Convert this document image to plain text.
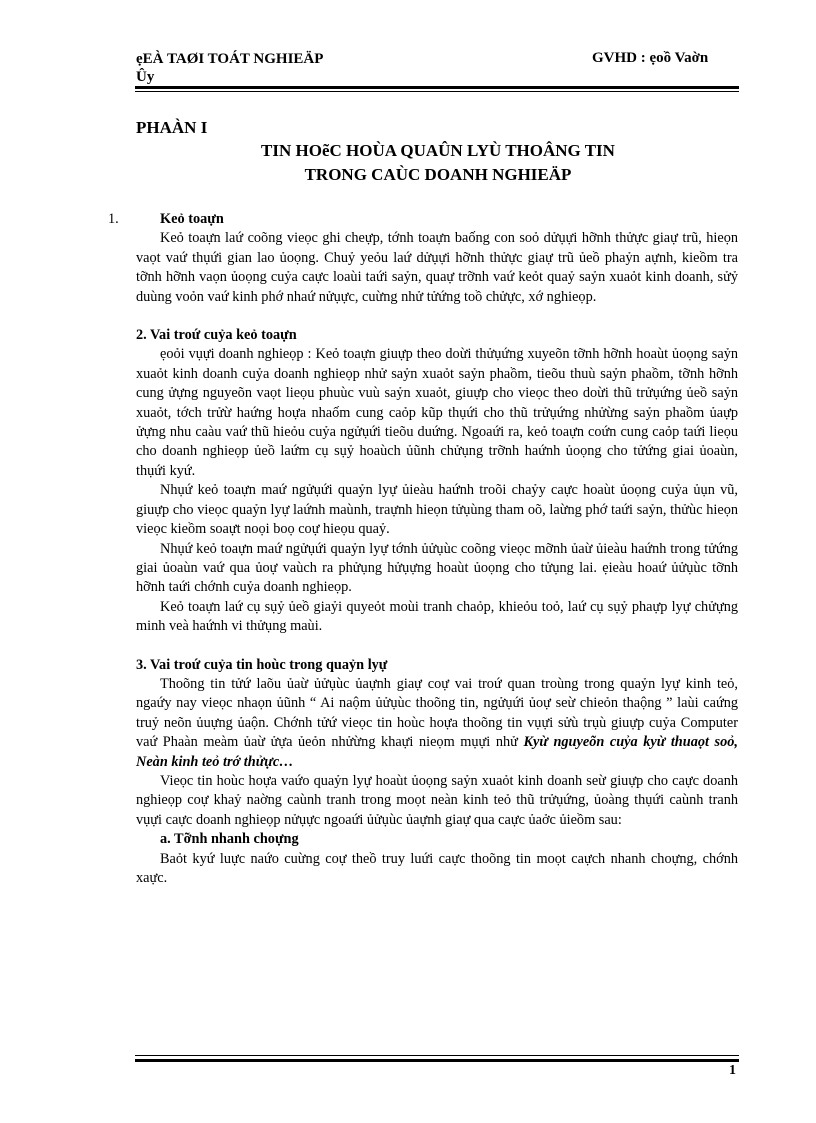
ẹEÀ TAØI TOÁT NGHIEÄP
Ûy
GVHD : ẹoồ Vaờn
PHAÀN I
TIN HOẽC HOÙA QUAÛN LYÙ THOÂNG TIN
TRONG CAÙC DOANH NGHIEÄP
1.	Keỏ toaựn

Keỏ toaựn laứ coõng vieọc ghi cheựp, tớnh toaựn baống con soỏ dửụựi hỡnh thửực giaự trũ, hieọn vaọt vaứ thụứi gian lao ủoọng. Chuỷ yeỏu laứ dửụựi hỡnh thửực giaự trũ ủeồ phaỷn aựnh, kieồm tra tỡnh hỡnh vaọn ủoọng cuỷa caực loaùi taứi saỷn, quaự trỡnh vaứ keỏt quaỷ saỷn xuaỏt kinh doanh, sửỷ duùng voỏn vaứ kinh phớ nhaứ nửụực, cuừng nhử tửứng toồ chửực, xớ nghieọp.

2. Vai troứ cuỷa keỏ toaựn

ẹoỏi vụựi doanh nghieọp : Keỏ toaựn giuựp theo doừi thửụứng xuyeõn tỡnh hỡnh hoaùt ủoọng saỷn xuaỏt kinh doanh cuỷa doanh nghieọp nhử saỷn xuaỏt saỷn phaồm, tieõu thuù saỷn phaồm, tỡnh hỡnh cung ửựng nguyeõn vaọt lieọu phuùc vuù saỷn xuaỏt, giuựp cho vieọc theo doừi thũ trửụứng ủeồ saỷn xuaỏt, tớch trửừ haứng hoựa nhaốm cung caỏp kũp thụứi cho thũ trửụứng nhửừng saỷn phaồm ủaựp ửựng nhu caàu vaứ thũ hieỏu cuỷa ngửụứi tieõu duứng. Ngoaứi ra, keỏ toaựn coứn cung caỏp taứi lieọu cho doanh nghieọp ủeồ laứm cụ sụỷ hoaùch ủũnh chửụng trỡnh haứnh ủoọng cho tửứng giai ủoaùn, thụứi kyứ.

Nhụứ keỏ toaựn maứ ngửụứi quaỷn lyự ủieàu haứnh troõi chaỷy caực hoaùt ủoọng cuỷa ủụn vũ, giuựp cho vieọc quaỷn lyự laứnh maùnh, traựnh hieọn tửụùng tham oõ, laừng phớ taứi saỷn, thửùc hieọn vieọc kieồm soaựt noọi boọ coự hieọu quaỷ.

Nhụứ keỏ toaựn maứ ngửụứi quaỷn lyự tớnh ủửụùc coõng vieọc mỡnh ủaừ ủieàu haứnh trong tửứng giai ủoaùn vaứ qua ủoự vaùch ra phửụng hửụựng hoaùt ủoọng cho tửụng lai. ẹieàu hoaứ ủửụùc tỡnh hỡnh taứi chớnh cuỷa doanh nghieọp.

Keỏ toaựn laứ cụ sụỷ ủeồ giaỷi quyeỏt moùi tranh chaỏp, khieỏu toỏ, laứ cụ sụỷ phaựp lyự chửựng minh veà haứnh vi thửụng maùi.

3. Vai troứ cuỷa tin hoùc trong quaỷn lyự

Thoõng tin tửứ laõu ủaừ ủửụùc ủaựnh giaự coự vai troứ quan troùng trong quaỷn lyự kinh teỏ, ngaứy nay vieọc nhaọn ủũnh “ Ai naộm ủửụùc thoõng tin, ngửụứi ủoự seừ chieỏn thaộng ” laùi caứng truỷ neõn ủuựng ủaộn. Chớnh tửứ vieọc tin hoùc hoựa thoõng tin vụựi sửù trụù giuựp cuỷa Computer vaứ Phaàn meàm ủaừ ửựa ủeỏn nhửừng khaựi nieọm mụựi nhử Kyừ nguyeõn cuỷa kyừ thuaọt soỏ, Neàn kinh teỏ trớ thửực…

Vieọc tin hoùc hoựa vaứo quaỷn lyự hoaùt ủoọng saỷn xuaỏt kinh doanh seừ giuựp cho caực doanh nghieọp coự khaỷ naờng caùnh tranh trong moọt neàn kinh teỏ thũ trửụứng, ủoàng thụứi caùnh tranh vụựi caực doanh nghieọp nửụực ngoaứi ủửụùc ủaựnh giaự qua caực ủaởc ủieồm sau:

a. Tỡnh nhanh choựng

Baỏt kyứ luực naứo cuừng coự theồ truy luứi caực thoõng tin moọt caựch nhanh choựng, chớnh xaực.

1
